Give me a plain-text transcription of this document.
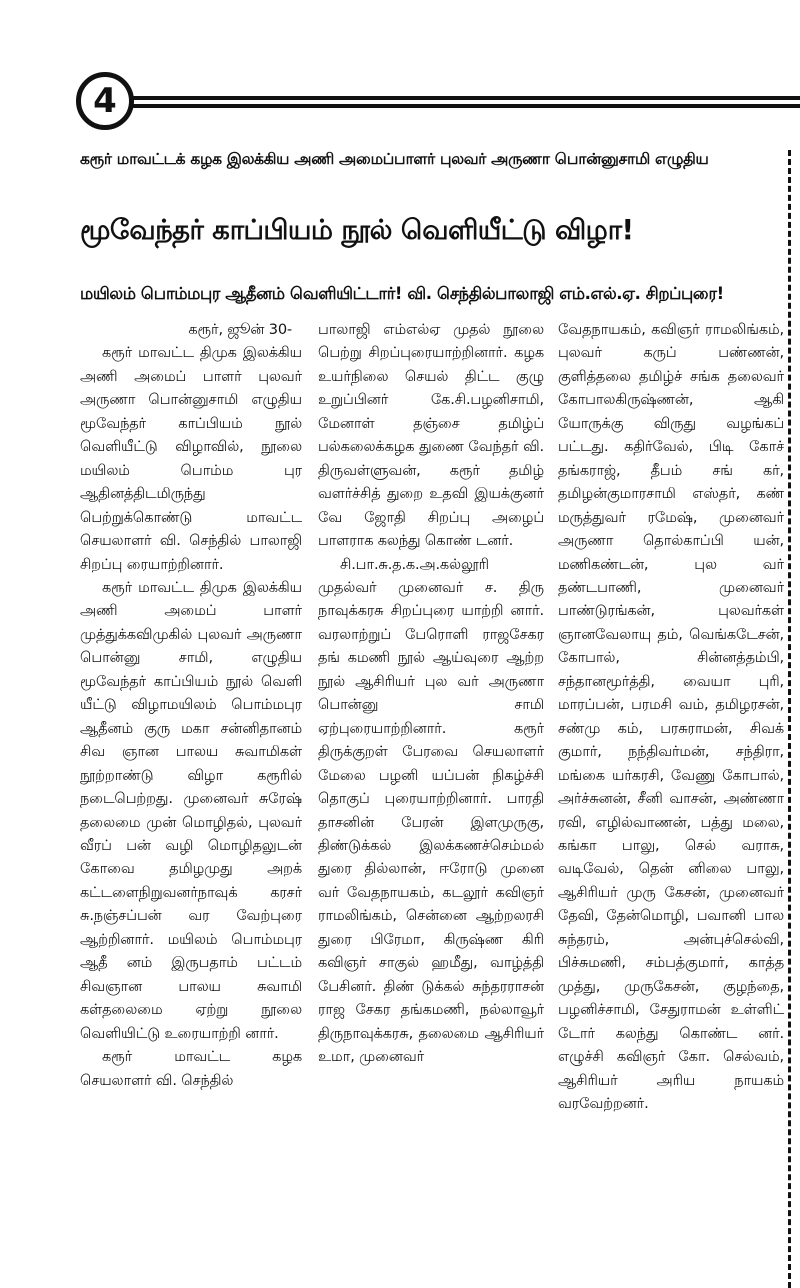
4
கரூர் மாவட்டக் கழக இலக்கிய அணி அமைப்பாளர் புலவர் அருணா பொன்னுசாமி எழுதிய
மூவேந்தர் காப்பியம் நூல் வெளியீட்டு விழா!
மயிலம் பொம்மபுர ஆதீனம் வெளியிட்டார்! வி. செந்தில்பாலாஜி எம்.எல்.ஏ. சிறப்புரை!

கரூர், ஜூன் 30-

கரூர் மாவட்ட திமுக இலக்கிய அணி அமைப் பாளர் புலவர் அருணா பொன்னுசாமி எழுதிய மூவேந்தர் காப்பியம் நூல் வெளியீட்டு விழாவில், நூலை மயிலம் பொம்ம புர ஆதினத்திடமிருந்து பெற்றுக்கொண்டு மாவட்ட செயலாளர் வி. செந்தில் பாலாஜி சிறப்பு ரையாற்றினார்.

கரூர் மாவட்ட திமுக இலக்கிய அணி அமைப் பாளர் முத்துக்கவிமுகில் புலவர் அருணா பொன்னு சாமி, எழுதிய மூவேந்தர் காப்பியம் நூல் வெளி யீட்டு விழாமயிலம் பொம்மபுர ஆதீனம் குரு மகா சன்னிதானம் சிவ ஞான பாலய சுவாமிகள் நூற்றாண்டு விழா கரூரில் நடைபெற்றது. முனைவர் சுரேஷ் தலைமை முன் மொழிதல், புலவர் வீரப் பன் வழி மொழிதலுடன் கோவை தமிழமுது அறக் கட்டளைநிறுவனர்நாவுக் கரசர் சு.நஞ்சப்பன் வர வேற்புரை ஆற்றினார். மயிலம் பொம்மபுர ஆதீ னம் இருபதாம் பட்டம் சிவஞான பாலய சுவாமி கள்தலைமை ஏற்று நூலை வெளியிட்டு உரையாற்றி னார்.

கரூர் மாவட்ட கழக செயலாளர் வி. செந்தில்

பாலாஜி எம்எல்ஏ முதல் நூலை பெற்று சிறப்புரையாற்றினார். கழக உயர்நிலை செயல் திட்ட குழு உறுப்பினர் கே.சி.பழனிசாமி, மேனாள் தஞ்சை தமிழ்ப் பல்கலைக்கழக துணை வேந்தர் வி. திருவள்ளுவன், கரூர் தமிழ் வளர்ச்சித் துறை உதவி இயக்குனர் வே ஜோதி சிறப்பு அழைப் பாளராக கலந்து கொண் டனர்.

சி.பா.சு.த.க.அ.கல்லூரி முதல்வர் முனைவர் ச. திரு நாவுக்கரசு சிறப்புரை யாற்றி னார். வரலாற்றுப் பேரொளி ராஜசேகர தங் கமணி நூல் ஆய்வுரை ஆற்ற நூல் ஆசிரியர் புல வர் அருணா பொன்னு சாமி ஏற்புரையாற்றினார். கரூர் திருக்குறள் பேரவை செயலாளர் மேலை பழனி யப்பன் நிகழ்ச்சி தொகுப் புரையாற்றினார். பாரதி தாசனின் பேரன் இளமுருகு, திண்டுக்கல் இலக்கணச்செம்மல் துரை தில்லான், ஈரோடு முனை வர் வேதநாயகம், கடலூர் கவிஞர் ராமலிங்கம், சென்னை ஆற்றலரசி துரை பிரேமா, கிருஷ்ண கிரி கவிஞர் சாகுல் ஹமீது, வாழ்த்தி பேசினர். திண் டுக்கல் சுந்தரராசன் ராஜ சேகர தங்கமணி, நல்லாவூர் திருநாவுக்கரசு, தலைமை ஆசிரியர் உமா, முனைவர்

வேதநாயகம், கவிஞர் ராமலிங்கம், புலவர் கருப் பண்ணன், குளித்தலை தமிழ்ச் சங்க தலைவர் கோபாலகிருஷ்ணன், ஆகி யோருக்கு விருது வழங்கப் பட்டது. கதிர்வேல், பிடி கோச் தங்கராஜ், தீபம் சங் கர், தமிழன்குமாரசாமி எஸ்தர், கண் மருத்துவர் ரமேஷ், முனைவர் அருணா தொல்காப்பி யன், மணிகண்டன், புல வர் தண்டபாணி, முனைவர் பாண்டுரங்கன், புலவர்கள் ஞானவேலாயு தம், வெங்கடேசன், கோபால், சின்னத்தம்பி, சந்தானமூர்த்தி, வையா புரி, மாரப்பன், பரமசி வம், தமிழரசன், சண்மு கம், பரசுராமன், சிவக் குமார், நந்திவர்மன், சந்திரா, மங்கை யர்கரசி, வேணு கோபால், அர்ச்சுனன், சீனி வாசன், அண்ணா ரவி, எழில்வாணன், பத்து மலை, கங்கா பாலு, செல் வராசு, வடிவேல், தென் னிலை பாலு, ஆசிரியர் முரு கேசன், முனைவர் தேவி, தேன்மொழி, பவானி பால சுந்தரம், அன்புச்செல்வி, பிச்சுமணி, சம்பத்குமார், காத்த முத்து, முருகேசன், குழந்தை, பழனிச்சாமி, சேதுராமன் உள்ளிட் டோர் கலந்து கொண்ட னர். எழுச்சி கவிஞர் கோ. செல்வம், ஆசிரியர் அரிய நாயகம் வரவேற்றனர்.
